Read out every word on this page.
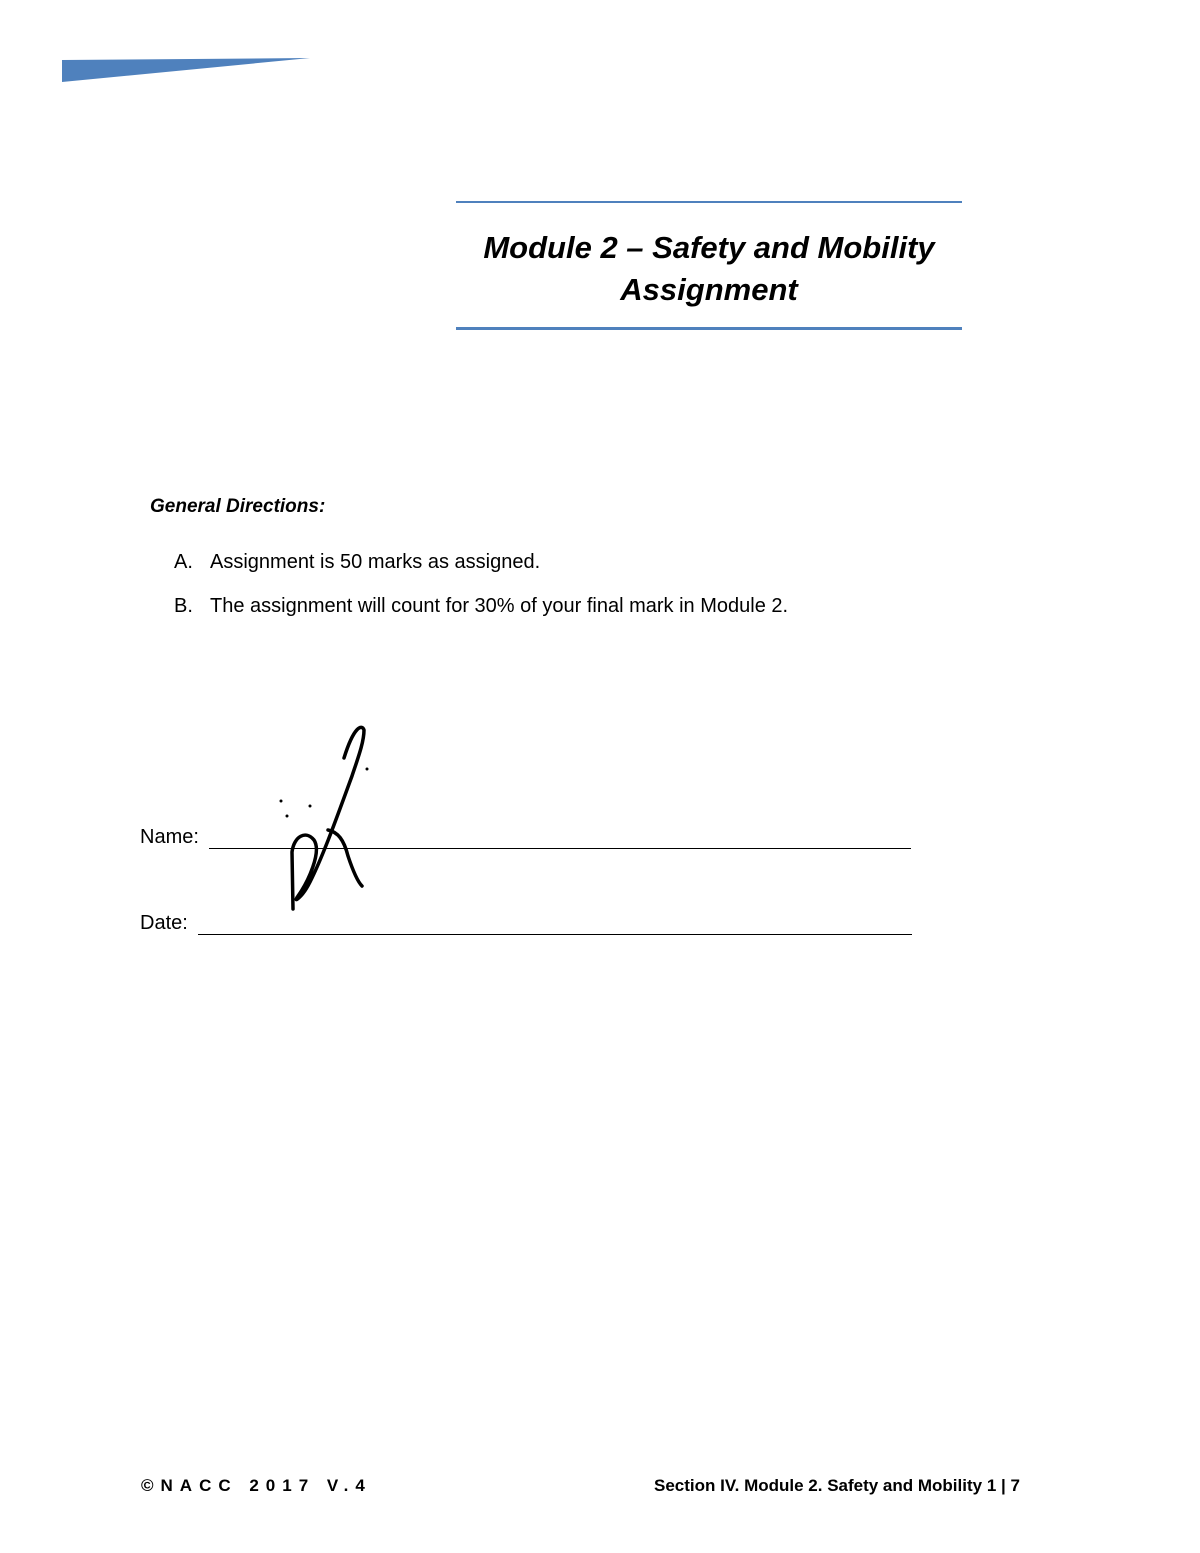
Module 2 – Safety and Mobility
Assignment
General Directions:
A. Assignment is 50 marks as assigned.
B. The assignment will count for 30% of your final mark in Module 2.
Name:
Date:
©NACC 2017 V.4	Section IV. Module 2. Safety and Mobility 1 | 7
